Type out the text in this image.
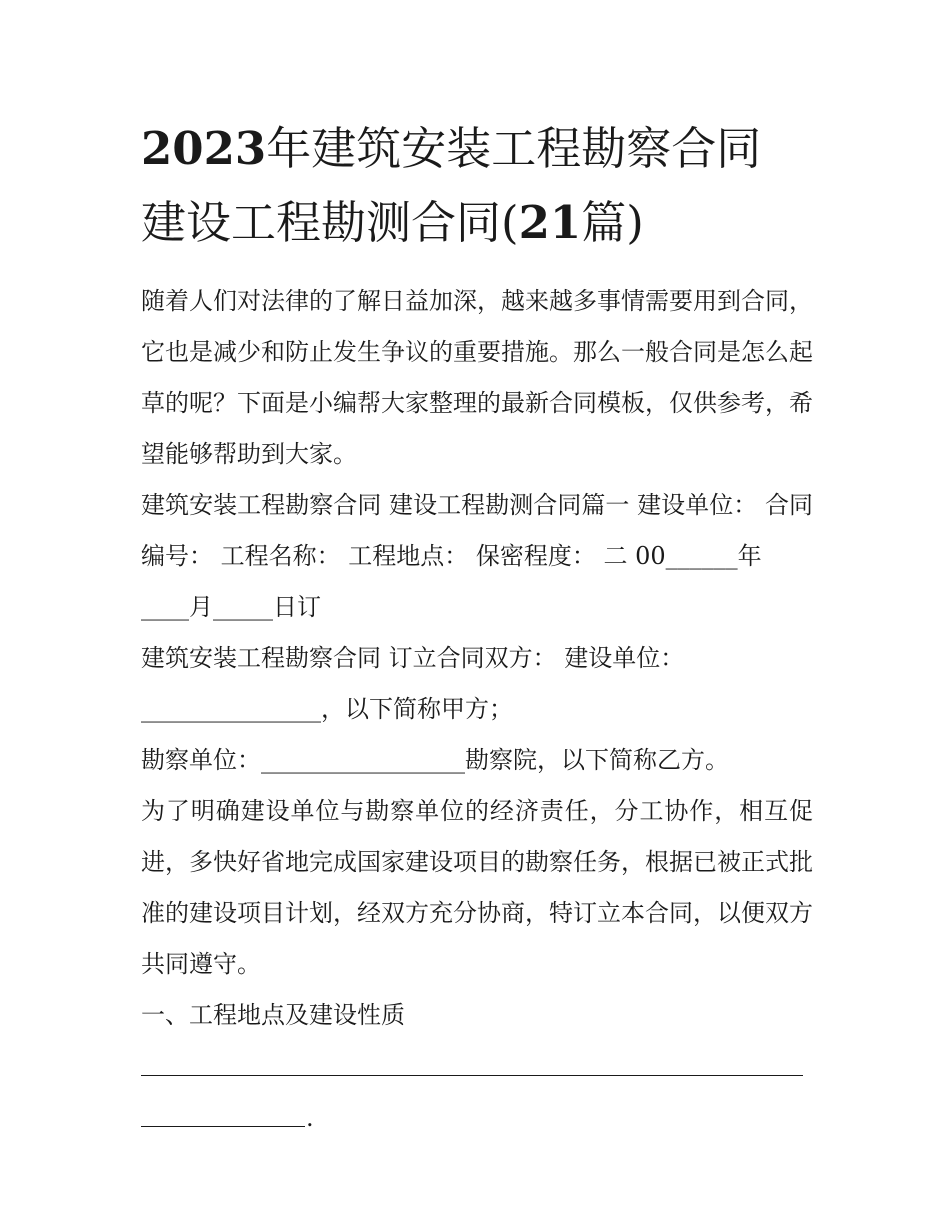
2023年建筑安装工程勘察合同
建设工程勘测合同(21篇)

随着人们对法律的了解日益加深，越来越多事情需要用到合同，它也是减少和防止发生争议的重要措施。那么一般合同是怎么起草的呢？下面是小编帮大家整理的最新合同模板，仅供参考，希望能够帮助到大家。

建筑安装工程勘察合同 建设工程勘测合同篇一 建设单位： 合同编号： 工程名称： 工程地点： 保密程度： 二 00______年
____月_____日订

建筑安装工程勘察合同 订立合同双方： 建设单位：
_______________，以下简称甲方；

勘察单位：_________________勘察院，以下简称乙方。

为了明确建设单位与勘察单位的经济责任，分工协作，相互促进，多快好省地完成国家建设项目的勘察任务，根据已被正式批准的建设项目计划，经双方充分协商，特订立本合同，以便双方共同遵守。

一、工程地点及建设性质

.
